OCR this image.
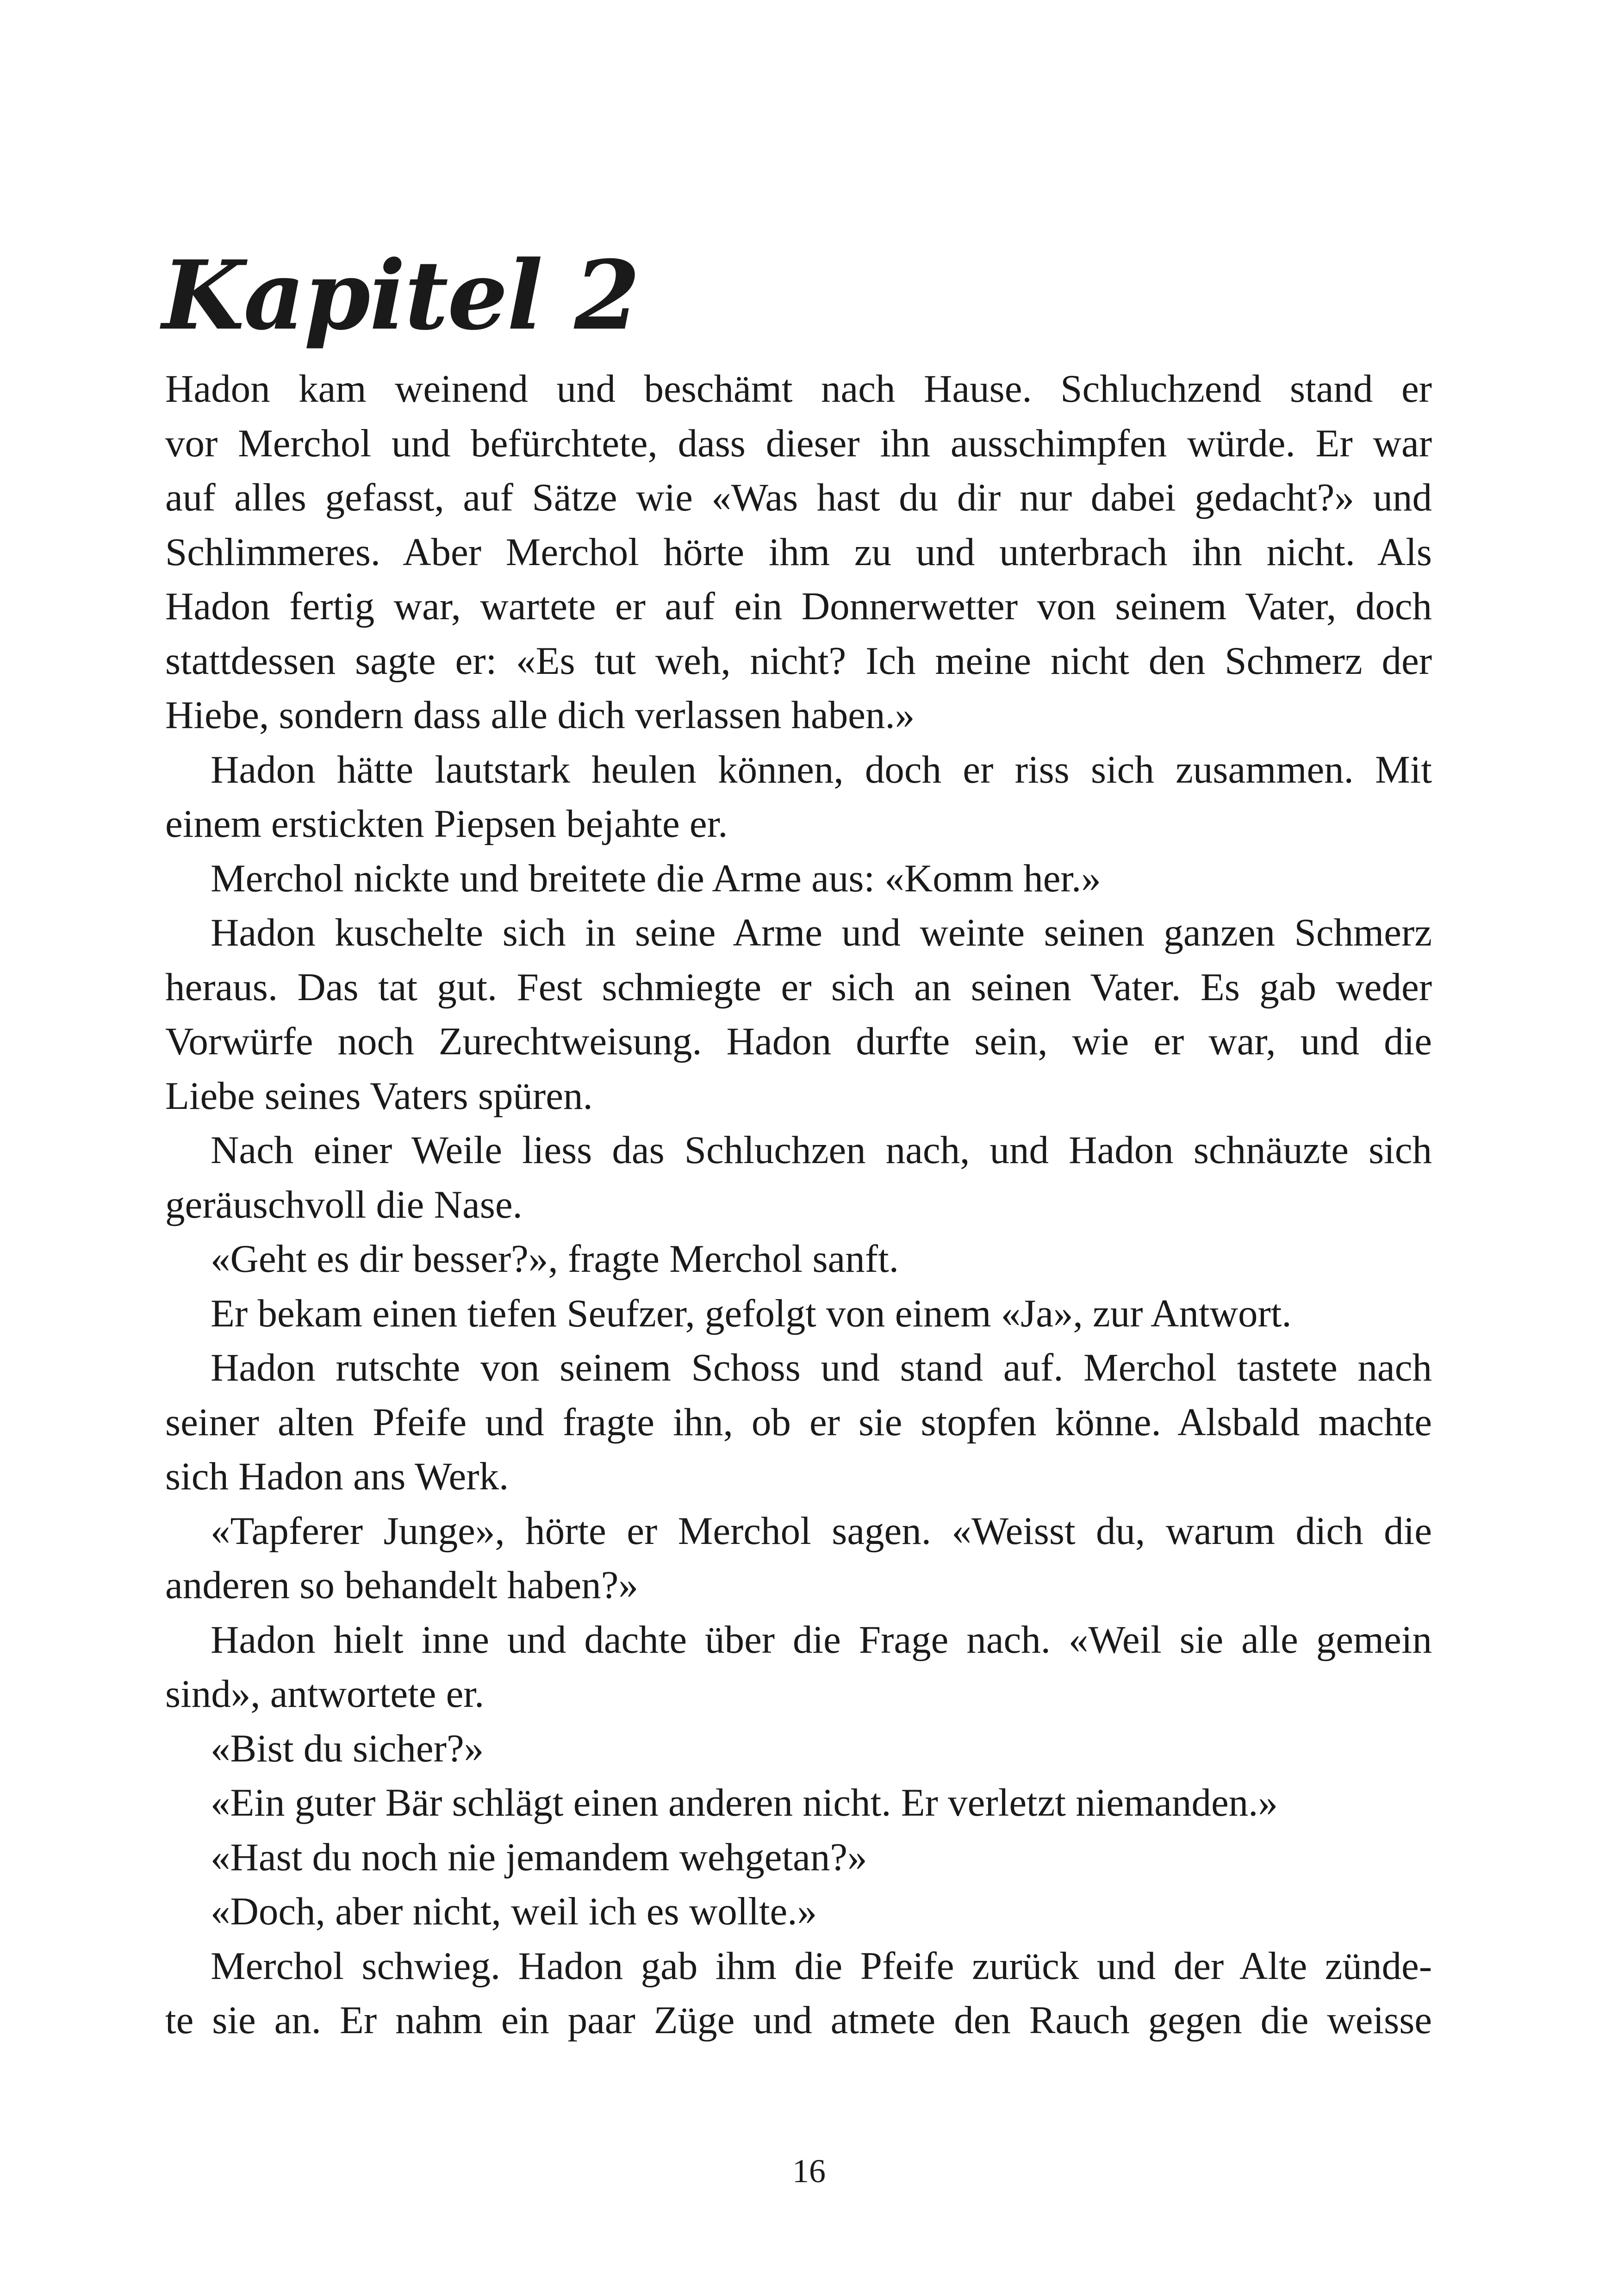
Kapitel 2
Hadon kam weinend und beschämt nach Hause. Schluchzend stand er
vor Merchol und befürchtete, dass dieser ihn ausschimpfen würde. Er war
auf alles gefasst, auf Sätze wie «Was hast du dir nur dabei gedacht?» und
Schlimmeres. Aber Merchol hörte ihm zu und unterbrach ihn nicht. Als
Hadon fertig war, wartete er auf ein Donnerwetter von seinem Vater, doch
stattdessen sagte er: «Es tut weh, nicht? Ich meine nicht den Schmerz der
Hiebe, sondern dass alle dich verlassen haben.»
Hadon hätte lautstark heulen können, doch er riss sich zusammen. Mit
einem erstickten Piepsen bejahte er.
Merchol nickte und breitete die Arme aus: «Komm her.»
Hadon kuschelte sich in seine Arme und weinte seinen ganzen Schmerz
heraus. Das tat gut. Fest schmiegte er sich an seinen Vater. Es gab weder
Vorwürfe noch Zurechtweisung. Hadon durfte sein, wie er war, und die
Liebe seines Vaters spüren.
Nach einer Weile liess das Schluchzen nach, und Hadon schnäuzte sich
geräuschvoll die Nase.
«Geht es dir besser?», fragte Merchol sanft.
Er bekam einen tiefen Seufzer, gefolgt von einem «Ja», zur Antwort.
Hadon rutschte von seinem Schoss und stand auf. Merchol tastete nach
seiner alten Pfeife und fragte ihn, ob er sie stopfen könne. Alsbald machte
sich Hadon ans Werk.
«Tapferer Junge», hörte er Merchol sagen. «Weisst du, warum dich die
anderen so behandelt haben?»
Hadon hielt inne und dachte über die Frage nach. «Weil sie alle gemein
sind», antwortete er.
«Bist du sicher?»
«Ein guter Bär schlägt einen anderen nicht. Er verletzt niemanden.»
«Hast du noch nie jemandem wehgetan?»
«Doch, aber nicht, weil ich es wollte.»
Merchol schwieg. Hadon gab ihm die Pfeife zurück und der Alte zünde-
te sie an. Er nahm ein paar Züge und atmete den Rauch gegen die weisse
16
